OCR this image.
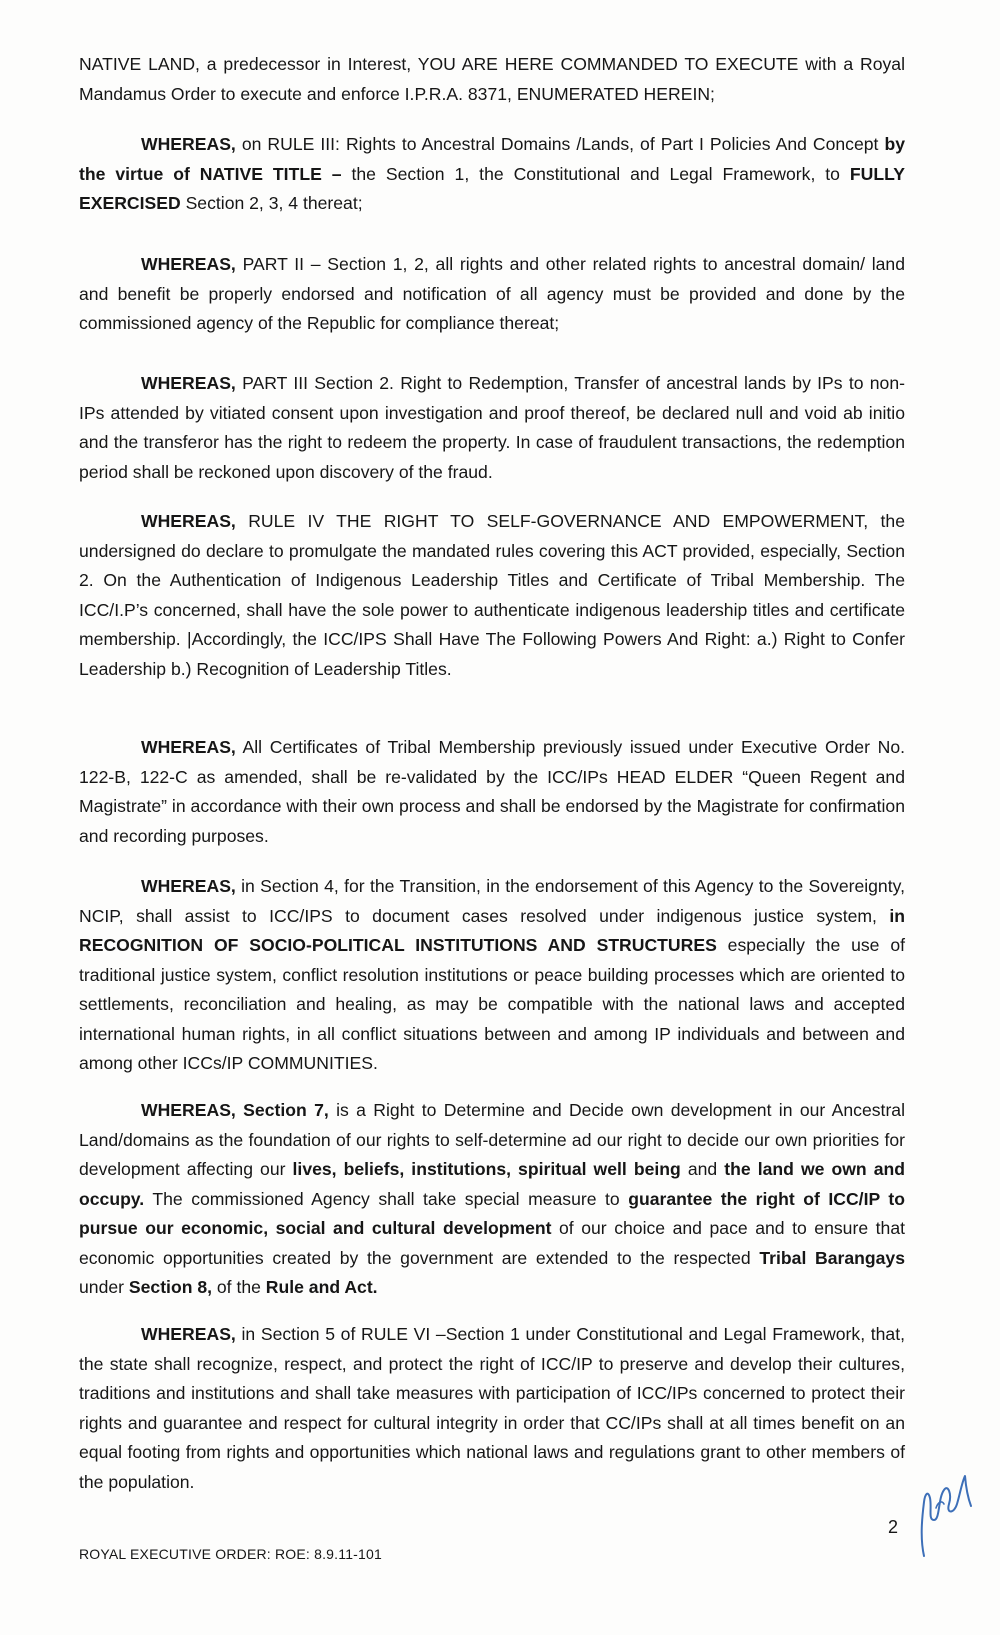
NATIVE LAND, a predecessor in Interest, YOU ARE HERE COMMANDED TO EXECUTE with a Royal Mandamus Order to execute and enforce I.P.R.A. 8371, ENUMERATED HEREIN;

WHEREAS, on RULE III: Rights to Ancestral Domains /Lands, of Part I Policies And Concept by the virtue of NATIVE TITLE – the Section 1, the Constitutional and Legal Framework, to FULLY EXERCISED Section 2, 3, 4 thereat;

WHEREAS, PART II – Section 1, 2, all rights and other related rights to ancestral domain/ land and benefit be properly endorsed and notification of all agency must be provided and done by the commissioned agency of the Republic for compliance thereat;

WHEREAS, PART III Section 2. Right to Redemption, Transfer of ancestral lands by IPs to non-IPs attended by vitiated consent upon investigation and proof thereof, be declared null and void ab initio and the transferor has the right to redeem the property. In case of fraudulent transactions, the redemption period shall be reckoned upon discovery of the fraud.

WHEREAS, RULE IV THE RIGHT TO SELF-GOVERNANCE AND EMPOWERMENT, the undersigned do declare to promulgate the mandated rules covering this ACT provided, especially, Section 2. On the Authentication of Indigenous Leadership Titles and Certificate of Tribal Membership. The ICC/I.P’s concerned, shall have the sole power to authenticate indigenous leadership titles and certificate membership. |Accordingly, the ICC/IPS Shall Have The Following Powers And Right: a.) Right to Confer Leadership b.) Recognition of Leadership Titles.

WHEREAS, All Certificates of Tribal Membership previously issued under Executive Order No. 122-B, 122-C as amended, shall be re-validated by the ICC/IPs HEAD ELDER “Queen Regent and Magistrate” in accordance with their own process and shall be endorsed by the Magistrate for confirmation and recording purposes.

WHEREAS, in Section 4, for the Transition, in the endorsement of this Agency to the Sovereignty, NCIP, shall assist to ICC/IPS to document cases resolved under indigenous justice system, in RECOGNITION OF SOCIO-POLITICAL INSTITUTIONS AND STRUCTURES especially the use of traditional justice system, conflict resolution institutions or peace building processes which are oriented to settlements, reconciliation and healing, as may be compatible with the national laws and accepted international human rights, in all conflict situations between and among IP individuals and between and among other ICCs/IP COMMUNITIES.

WHEREAS, Section 7, is a Right to Determine and Decide own development in our Ancestral Land/domains as the foundation of our rights to self-determine ad our right to decide our own priorities for development affecting our lives, beliefs, institutions, spiritual well being and the land we own and occupy. The commissioned Agency shall take special measure to guarantee the right of ICC/IP to pursue our economic, social and cultural development of our choice and pace and to ensure that economic opportunities created by the government are extended to the respected Tribal Barangays under Section 8, of the Rule and Act.

WHEREAS, in Section 5 of RULE VI –Section 1 under Constitutional and Legal Framework, that, the state shall recognize, respect, and protect the right of ICC/IP to preserve and develop their cultures, traditions and institutions and shall take measures with participation of ICC/IPs concerned to protect their rights and guarantee and respect for cultural integrity in order that CC/IPs shall at all times benefit on an equal footing from rights and opportunities which national laws and regulations grant to other members of the population.

ROYAL EXECUTIVE ORDER: ROE: 8.9.11-101
2
